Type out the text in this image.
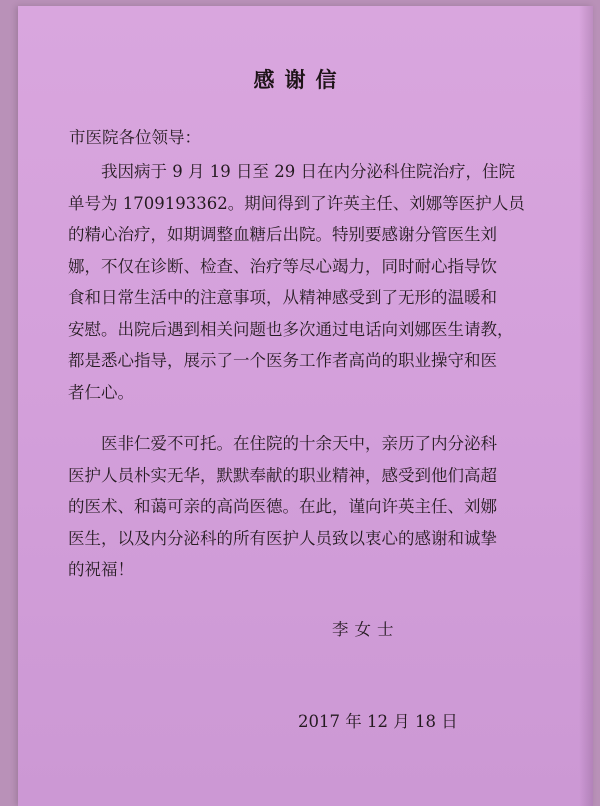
感谢信
市医院各位领导：
　　我因病于 9 月 19 日至 29 日在内分泌科住院治疗，住院
单号为 1709193362。期间得到了许英主任、刘娜等医护人员
的精心治疗，如期调整血糖后出院。特别要感谢分管医生刘
娜，不仅在诊断、检查、治疗等尽心竭力，同时耐心指导饮
食和日常生活中的注意事项，从精神感受到了无形的温暖和
安慰。出院后遇到相关问题也多次通过电话向刘娜医生请教，
都是悉心指导，展示了一个医务工作者高尚的职业操守和医
者仁心。
　　医非仁爱不可托。在住院的十余天中，亲历了内分泌科
医护人员朴实无华，默默奉献的职业精神，感受到他们高超
的医术、和蔼可亲的高尚医德。在此，谨向许英主任、刘娜
医生，以及内分泌科的所有医护人员致以衷心的感谢和诚挚
的祝福！
李女士
2017 年 12 月 18 日
